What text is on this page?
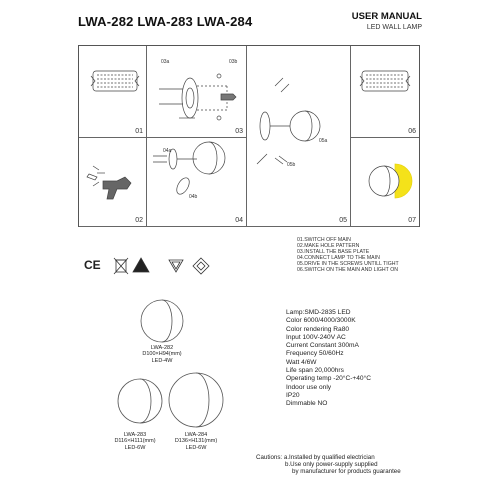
LWA-282 LWA-283 LWA-284	USER MANUAL
LED WALL LAMP
01
02
03
04	05
06
07
03a	03b
04a
04b
05a
05b
01.SWITCH OFF MAIN
02.MAKE HOLE PATTERN
03.INSTALL THE BASE PLATE
04.CONNECT LAMP TO THE MAIN
05.DRIVE IN THE SCREWS UNTILL TIGHT
06.SWITCH ON THE MAIN AND LIGHT ON
CE
LWA-282
D100×H94(mm)
LED-4W
LWA-283
D116×H111(mm)
LED-6W
LWA-284
D136×H131(mm)
LED-6W
Lamp:SMD-2835 LED
Color 6000/4000/3000K
Color rendering Ra80
Input 100V-240V AC
Current Constant 300mA
Frequency 50/60Hz
Watt 4/6W
Life span 20,000hrs
Operating temp -20°C-+40°C
Indoor use only
IP20
Dimmable NO
Cautions: a.Installed by qualified electrician
b.Use only power-supply supplied
by manufacturer for products guarantee
